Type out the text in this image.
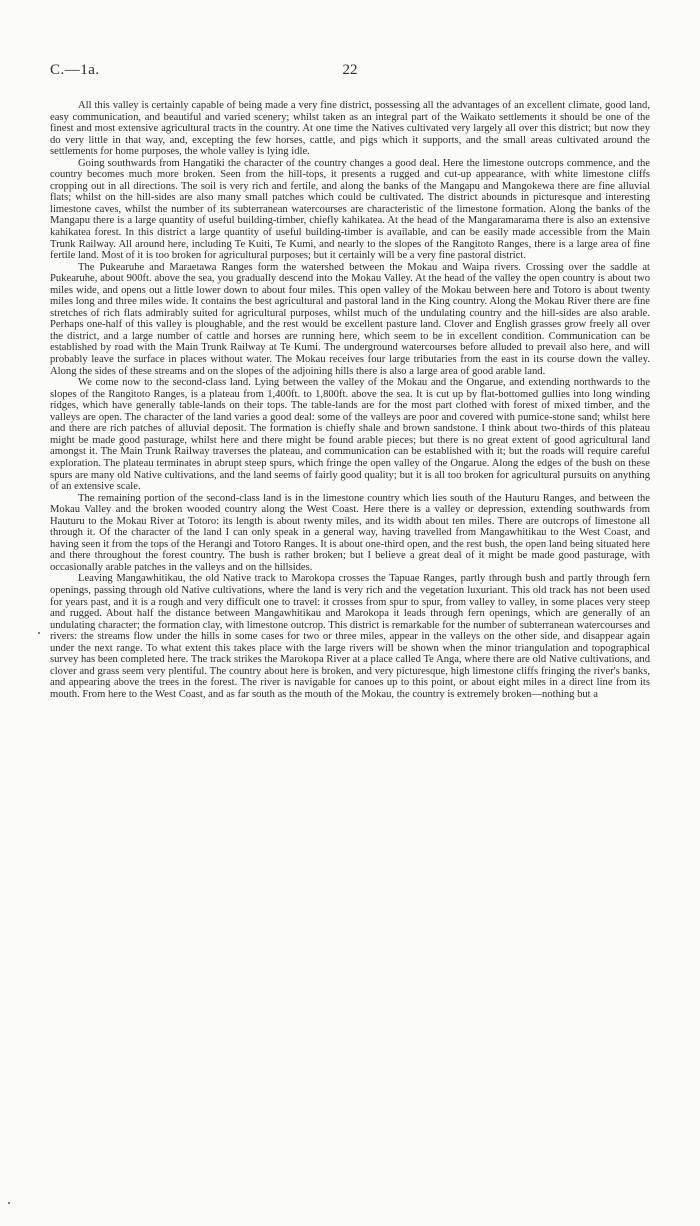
C.—1a.	22

All this valley is certainly capable of being made a very fine district, possessing all the advantages of an excellent climate, good land, easy communication, and beautiful and varied scenery; whilst taken as an integral part of the Waikato settlements it should be one of the finest and most extensive agricultural tracts in the country. At one time the Natives cultivated very largely all over this district; but now they do very little in that way, and, excepting the few horses, cattle, and pigs which it supports, and the small areas cultivated around the settlements for home purposes, the whole valley is lying idle.

Going southwards from Hangatiki the character of the country changes a good deal. Here the limestone outcrops commence, and the country becomes much more broken. Seen from the hill-tops, it presents a rugged and cut-up appearance, with white limestone cliffs cropping out in all directions. The soil is very rich and fertile, and along the banks of the Mangapu and Mangokewa there are fine alluvial flats; whilst on the hill-sides are also many small patches which could be cultivated. The district abounds in picturesque and interesting limestone caves, whilst the number of its subterranean watercourses are characteristic of the limestone formation. Along the banks of the Mangapu there is a large quantity of useful building-timber, chiefly kahikatea. At the head of the Mangaramarama there is also an extensive kahikatea forest. In this district a large quantity of useful building-timber is available, and can be easily made accessible from the Main Trunk Railway. All around here, including Te Kuiti, Te Kumi, and nearly to the slopes of the Rangitoto Ranges, there is a large area of fine fertile land. Most of it is too broken for agricultural purposes; but it certainly will be a very fine pastoral district.

The Pukearuhe and Maraetawa Ranges form the watershed between the Mokau and Waipa rivers. Crossing over the saddle at Pukearuhe, about 900ft. above the sea, you gradually descend into the Mokau Valley. At the head of the valley the open country is about two miles wide, and opens out a little lower down to about four miles. This open valley of the Mokau between here and Totoro is about twenty miles long and three miles wide. It contains the best agricultural and pastoral land in the King country. Along the Mokau River there are fine stretches of rich flats admirably suited for agricultural purposes, whilst much of the undulating country and the hill-sides are also arable. Perhaps one-half of this valley is ploughable, and the rest would be excellent pasture land. Clover and English grasses grow freely all over the district, and a large number of cattle and horses are running here, which seem to be in excellent condition. Communication can be established by road with the Main Trunk Railway at Te Kumi. The underground watercourses before alluded to prevail also here, and will probably leave the surface in places without water. The Mokau receives four large tributaries from the east in its course down the valley. Along the sides of these streams and on the slopes of the adjoining hills there is also a large area of good arable land.

We come now to the second-class land. Lying between the valley of the Mokau and the Ongarue, and extending northwards to the slopes of the Rangitoto Ranges, is a plateau from 1,400ft. to 1,800ft. above the sea. It is cut up by flat-bottomed gullies into long winding ridges, which have generally table-lands on their tops. The table-lands are for the most part clothed with forest of mixed timber, and the valleys are open. The character of the land varies a good deal: some of the valleys are poor and covered with pumice-stone sand; whilst here and there are rich patches of alluvial deposit. The formation is chiefly shale and brown sandstone. I think about two-thirds of this plateau might be made good pasturage, whilst here and there might be found arable pieces; but there is no great extent of good agricultural land amongst it. The Main Trunk Railway traverses the plateau, and communication can be established with it; but the roads will require careful exploration. The plateau terminates in abrupt steep spurs, which fringe the open valley of the Ongarue. Along the edges of the bush on these spurs are many old Native cultivations, and the land seems of fairly good quality; but it is all too broken for agricultural pursuits on anything of an extensive scale.

The remaining portion of the second-class land is in the limestone country which lies south of the Hauturu Ranges, and between the Mokau Valley and the broken wooded country along the West Coast. Here there is a valley or depression, extending southwards from Hauturu to the Mokau River at Totoro: its length is about twenty miles, and its width about ten miles. There are outcrops of limestone all through it. Of the character of the land I can only speak in a general way, having travelled from Mangawhitikau to the West Coast, and having seen it from the tops of the Herangi and Totoro Ranges. It is about one-third open, and the rest bush, the open land being situated here and there throughout the forest country. The bush is rather broken; but I believe a great deal of it might be made good pasturage, with occasionally arable patches in the valleys and on the hillsides.

Leaving Mangawhitikau, the old Native track to Marokopa crosses the Tapuae Ranges, partly through bush and partly through fern openings, passing through old Native cultivations, where the land is very rich and the vegetation luxuriant. This old track has not been used for years past, and it is a rough and very difficult one to travel: it crosses from spur to spur, from valley to valley, in some places very steep and rugged. About half the distance between Mangawhitikau and Marokopa it leads through fern openings, which are generally of an undulating character; the formation clay, with limestone outcrop. This district is remarkable for the number of subterranean watercourses and rivers: the streams flow under the hills in some cases for two or three miles, appear in the valleys on the other side, and disappear again under the next range. To what extent this takes place with the large rivers will be shown when the minor triangulation and topographical survey has been completed here. The track strikes the Marokopa River at a place called Te Anga, where there are old Native cultivations, and clover and grass seem very plentiful. The country about here is broken, and very picturesque, high limestone cliffs fringing the river's banks, and appearing above the trees in the forest. The river is navigable for canoes up to this point, or about eight miles in a direct line from its mouth. From here to the West Coast, and as far south as the mouth of the Mokau, the country is extremely broken—nothing but a
